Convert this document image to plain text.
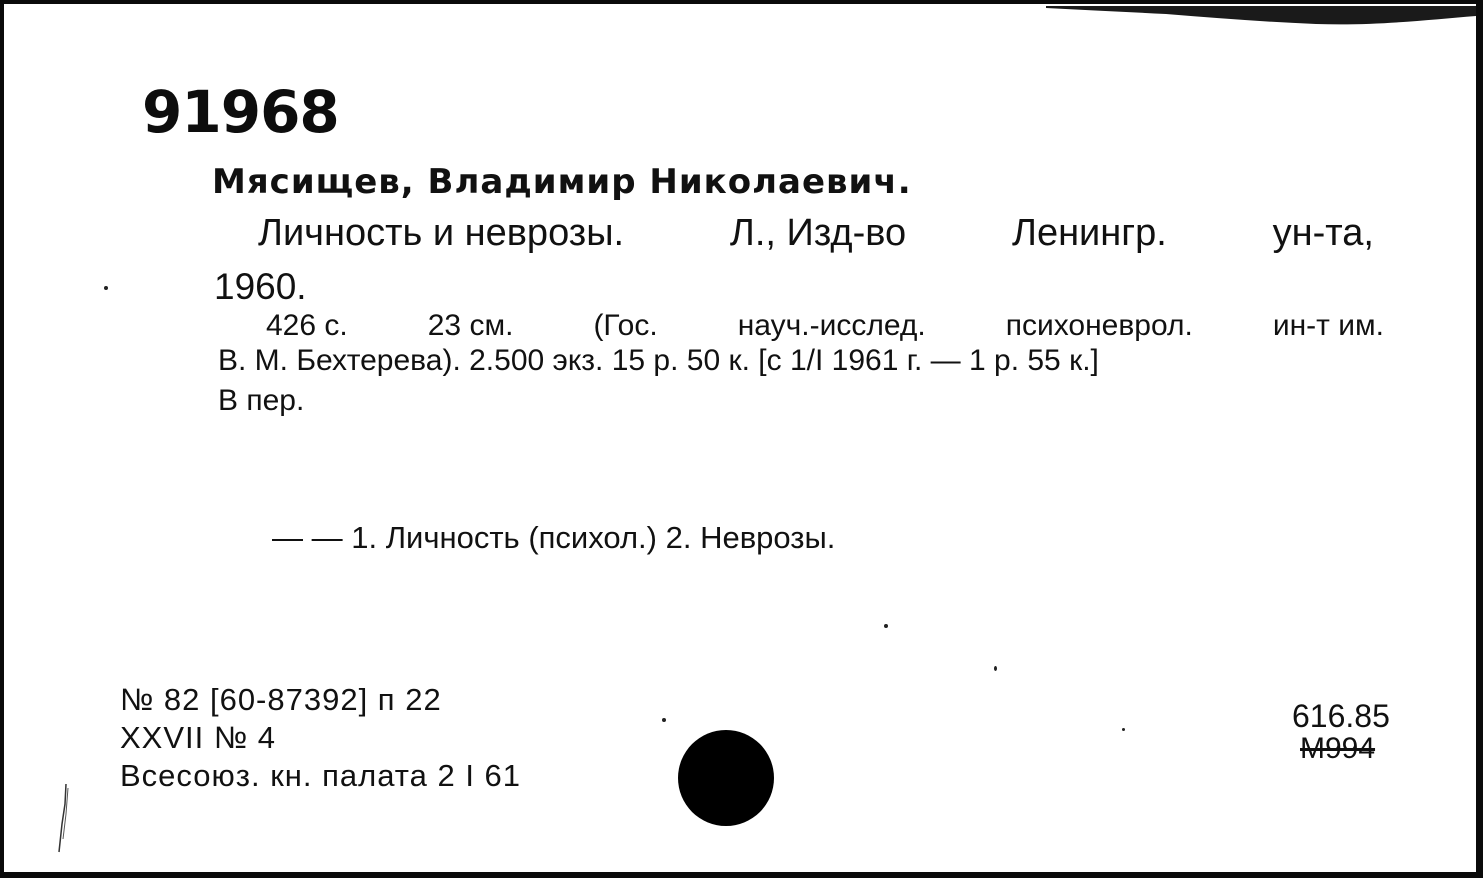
91968
Мясищев, Владимир Николаевич.
Личность и неврозы.	Л., Изд-во	Ленингр.	ун-та,
1960.
426 с.	23 см.	(Гос.	науч.-исслед.	психоневрол.	ин-т им.
В. М. Бехтерева). 2.500 экз. 15 р. 50 к. [с 1/I 1961 г. — 1 р. 55 к.]
В пер.
— — 1. Личность (психол.) 2. Неврозы.
№ 82 [60-87392] п 22
XXVII № 4
Всесоюз. кн. палата 2 I 61
616.85
M994
